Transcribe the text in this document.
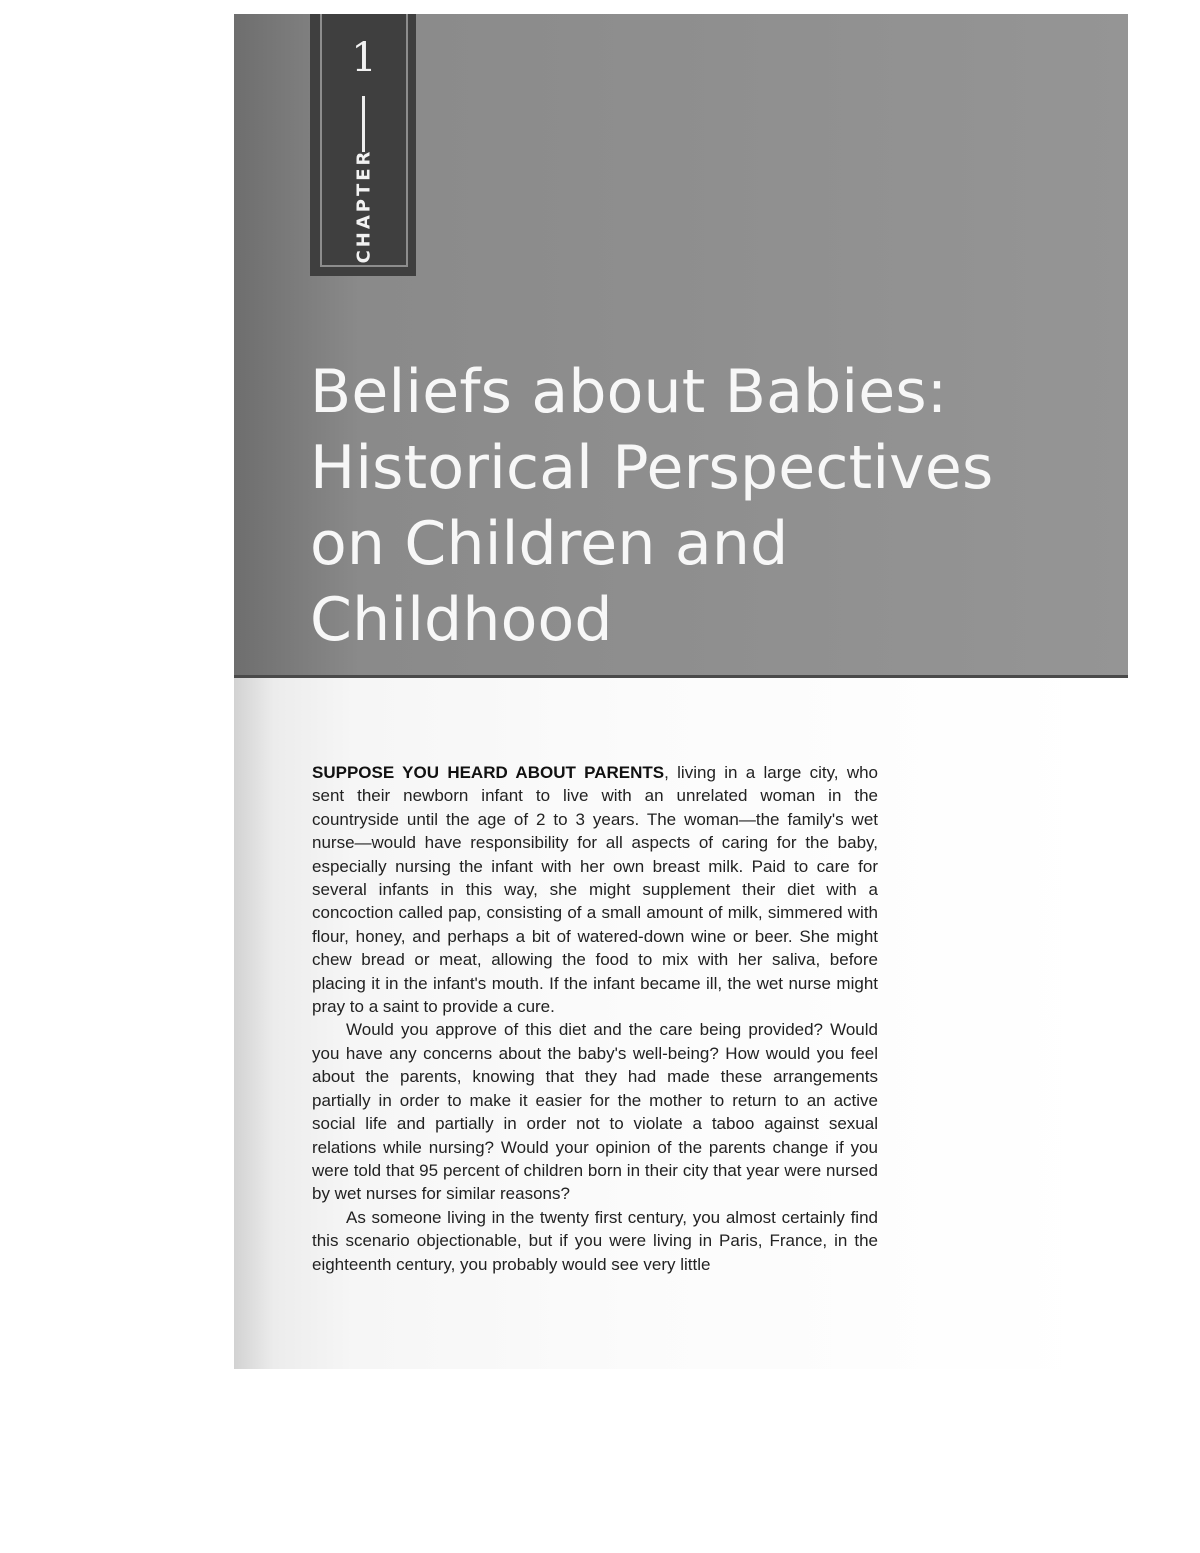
1
CHAPTER
Beliefs about Babies:
Historical Perspectives
on Children and
Childhood

SUPPOSE YOU HEARD ABOUT PARENTS, living in a large city, who sent their newborn infant to live with an unrelated woman in the countryside until the age of 2 to 3 years. The woman—the family's wet nurse—would have responsibility for all aspects of caring for the baby, especially nursing the infant with her own breast milk. Paid to care for several infants in this way, she might supplement their diet with a concoction called pap, consisting of a small amount of milk, simmered with flour, honey, and perhaps a bit of watered-down wine or beer. She might chew bread or meat, allowing the food to mix with her saliva, before placing it in the infant's mouth. If the infant became ill, the wet nurse might pray to a saint to provide a cure.

Would you approve of this diet and the care being provided? Would you have any concerns about the baby's well-being? How would you feel about the parents, knowing that they had made these arrangements partially in order to make it easier for the mother to return to an active social life and partially in order not to violate a taboo against sexual relations while nursing? Would your opinion of the parents change if you were told that 95 percent of children born in their city that year were nursed by wet nurses for similar reasons?

As someone living in the twenty first century, you almost certainly find this scenario objectionable, but if you were living in Paris, France, in the eighteenth century, you probably would see very little
